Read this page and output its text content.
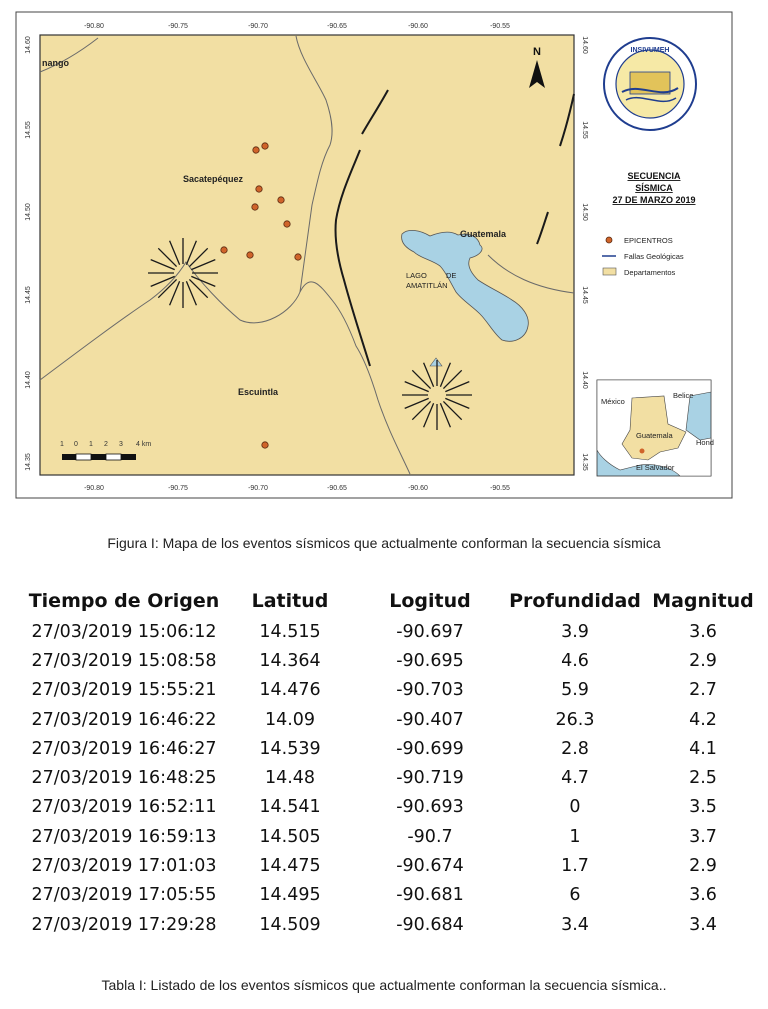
-90.80	-90.75	-90.70	-90.65	-90.60	-90.55
-90.80	-90.75	-90.70	-90.65	-90.60	-90.55
14.60
14.55
14.50
14.45
14.40
14.35
14.60
14.55
14.50
14.45
14.40
14.35
nango
Sacatepéquez
Escuintla
Guatemala
LAGO	DE
AMATITLÁN
N
1 0 1 2 3 4 km
INSIVUMEH
SECUENCIA
SÍSMICA
27 DE MARZO 2019
EPICENTROS
Fallas Geológicas
Departamentos
México
Belice
Guatemala
Hond
El Salvador
Figura I: Mapa de los eventos sísmicos que actualmente conforman la secuencia sísmica
Tiempo de Origen	Latitud	Logitud	Profundidad	Magnitud
27/03/2019 15:06:12	14.515	-90.697	3.9	3.6
27/03/2019 15:08:58	14.364	-90.695	4.6	2.9
27/03/2019 15:55:21	14.476	-90.703	5.9	2.7
27/03/2019 16:46:22	14.09	-90.407	26.3	4.2
27/03/2019 16:46:27	14.539	-90.699	2.8	4.1
27/03/2019 16:48:25	14.48	-90.719	4.7	2.5
27/03/2019 16:52:11	14.541	-90.693	0	3.5
27/03/2019 16:59:13	14.505	-90.7	1	3.7
27/03/2019 17:01:03	14.475	-90.674	1.7	2.9
27/03/2019 17:05:55	14.495	-90.681	6	3.6
27/03/2019 17:29:28	14.509	-90.684	3.4	3.4
Tabla I: Listado de los eventos sísmicos que actualmente conforman la secuencia sísmica..
